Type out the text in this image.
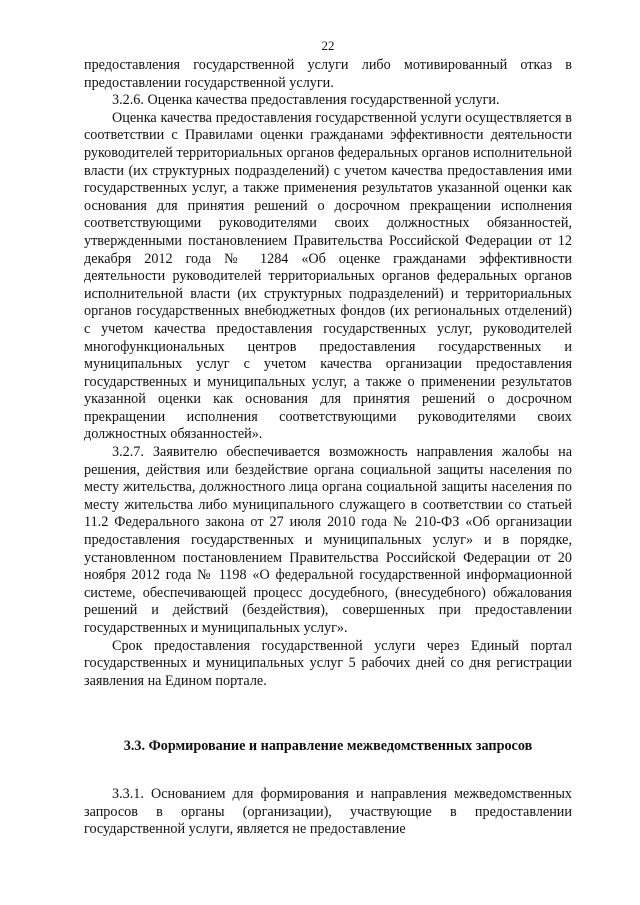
22

предоставления государственной услуги либо мотивированный отказ в предоставлении государственной услуги.

3.2.6. Оценка качества предоставления государственной услуги.

Оценка качества предоставления государственной услуги осуществляется в соответствии с Правилами оценки гражданами эффективности деятельности руководителей территориальных органов федеральных органов исполнительной власти (их структурных подразделений) с учетом качества предоставления ими государственных услуг, а также применения результатов указанной оценки как основания для принятия решений о досрочном прекращении исполнения соответствующими руководителями своих должностных обязанностей, утвержденными постановлением Правительства Российской Федерации от 12 декабря 2012 года № 1284 «Об оценке гражданами эффективности деятельности руководителей территориальных органов федеральных органов исполнительной власти (их структурных подразделений) и территориальных органов государственных внебюджетных фондов (их региональных отделений) с учетом качества предоставления государственных услуг, руководителей многофункциональных центров предоставления государственных и муниципальных услуг с учетом качества организации предоставления государственных и муниципальных услуг, а также о применении результатов указанной оценки как основания для принятия решений о досрочном прекращении исполнения соответствующими руководителями своих должностных обязанностей».

3.2.7. Заявителю обеспечивается возможность направления жалобы на решения, действия или бездействие органа социальной защиты населения по месту жительства, должностного лица органа социальной защиты населения по месту жительства либо муниципального служащего в соответствии со статьей 11.2 Федерального закона от 27 июля 2010 года № 210-ФЗ «Об организации предоставления государственных и муниципальных услуг» и в порядке, установленном постановлением Правительства Российской Федерации от 20 ноября 2012 года № 1198 «О федеральной государственной информационной системе, обеспечивающей процесс досудебного, (внесудебного) обжалования решений и действий (бездействия), совершенных при предоставлении государственных и муниципальных услуг».

Срок предоставления государственной услуги через Единый портал государственных и муниципальных услуг 5 рабочих дней со дня регистрации заявления на Едином портале.

3.3. Формирование и направление межведомственных запросов

3.3.1. Основанием для формирования и направления межведомственных запросов в органы (организации), участвующие в предоставлении государственной услуги, является не предоставление
